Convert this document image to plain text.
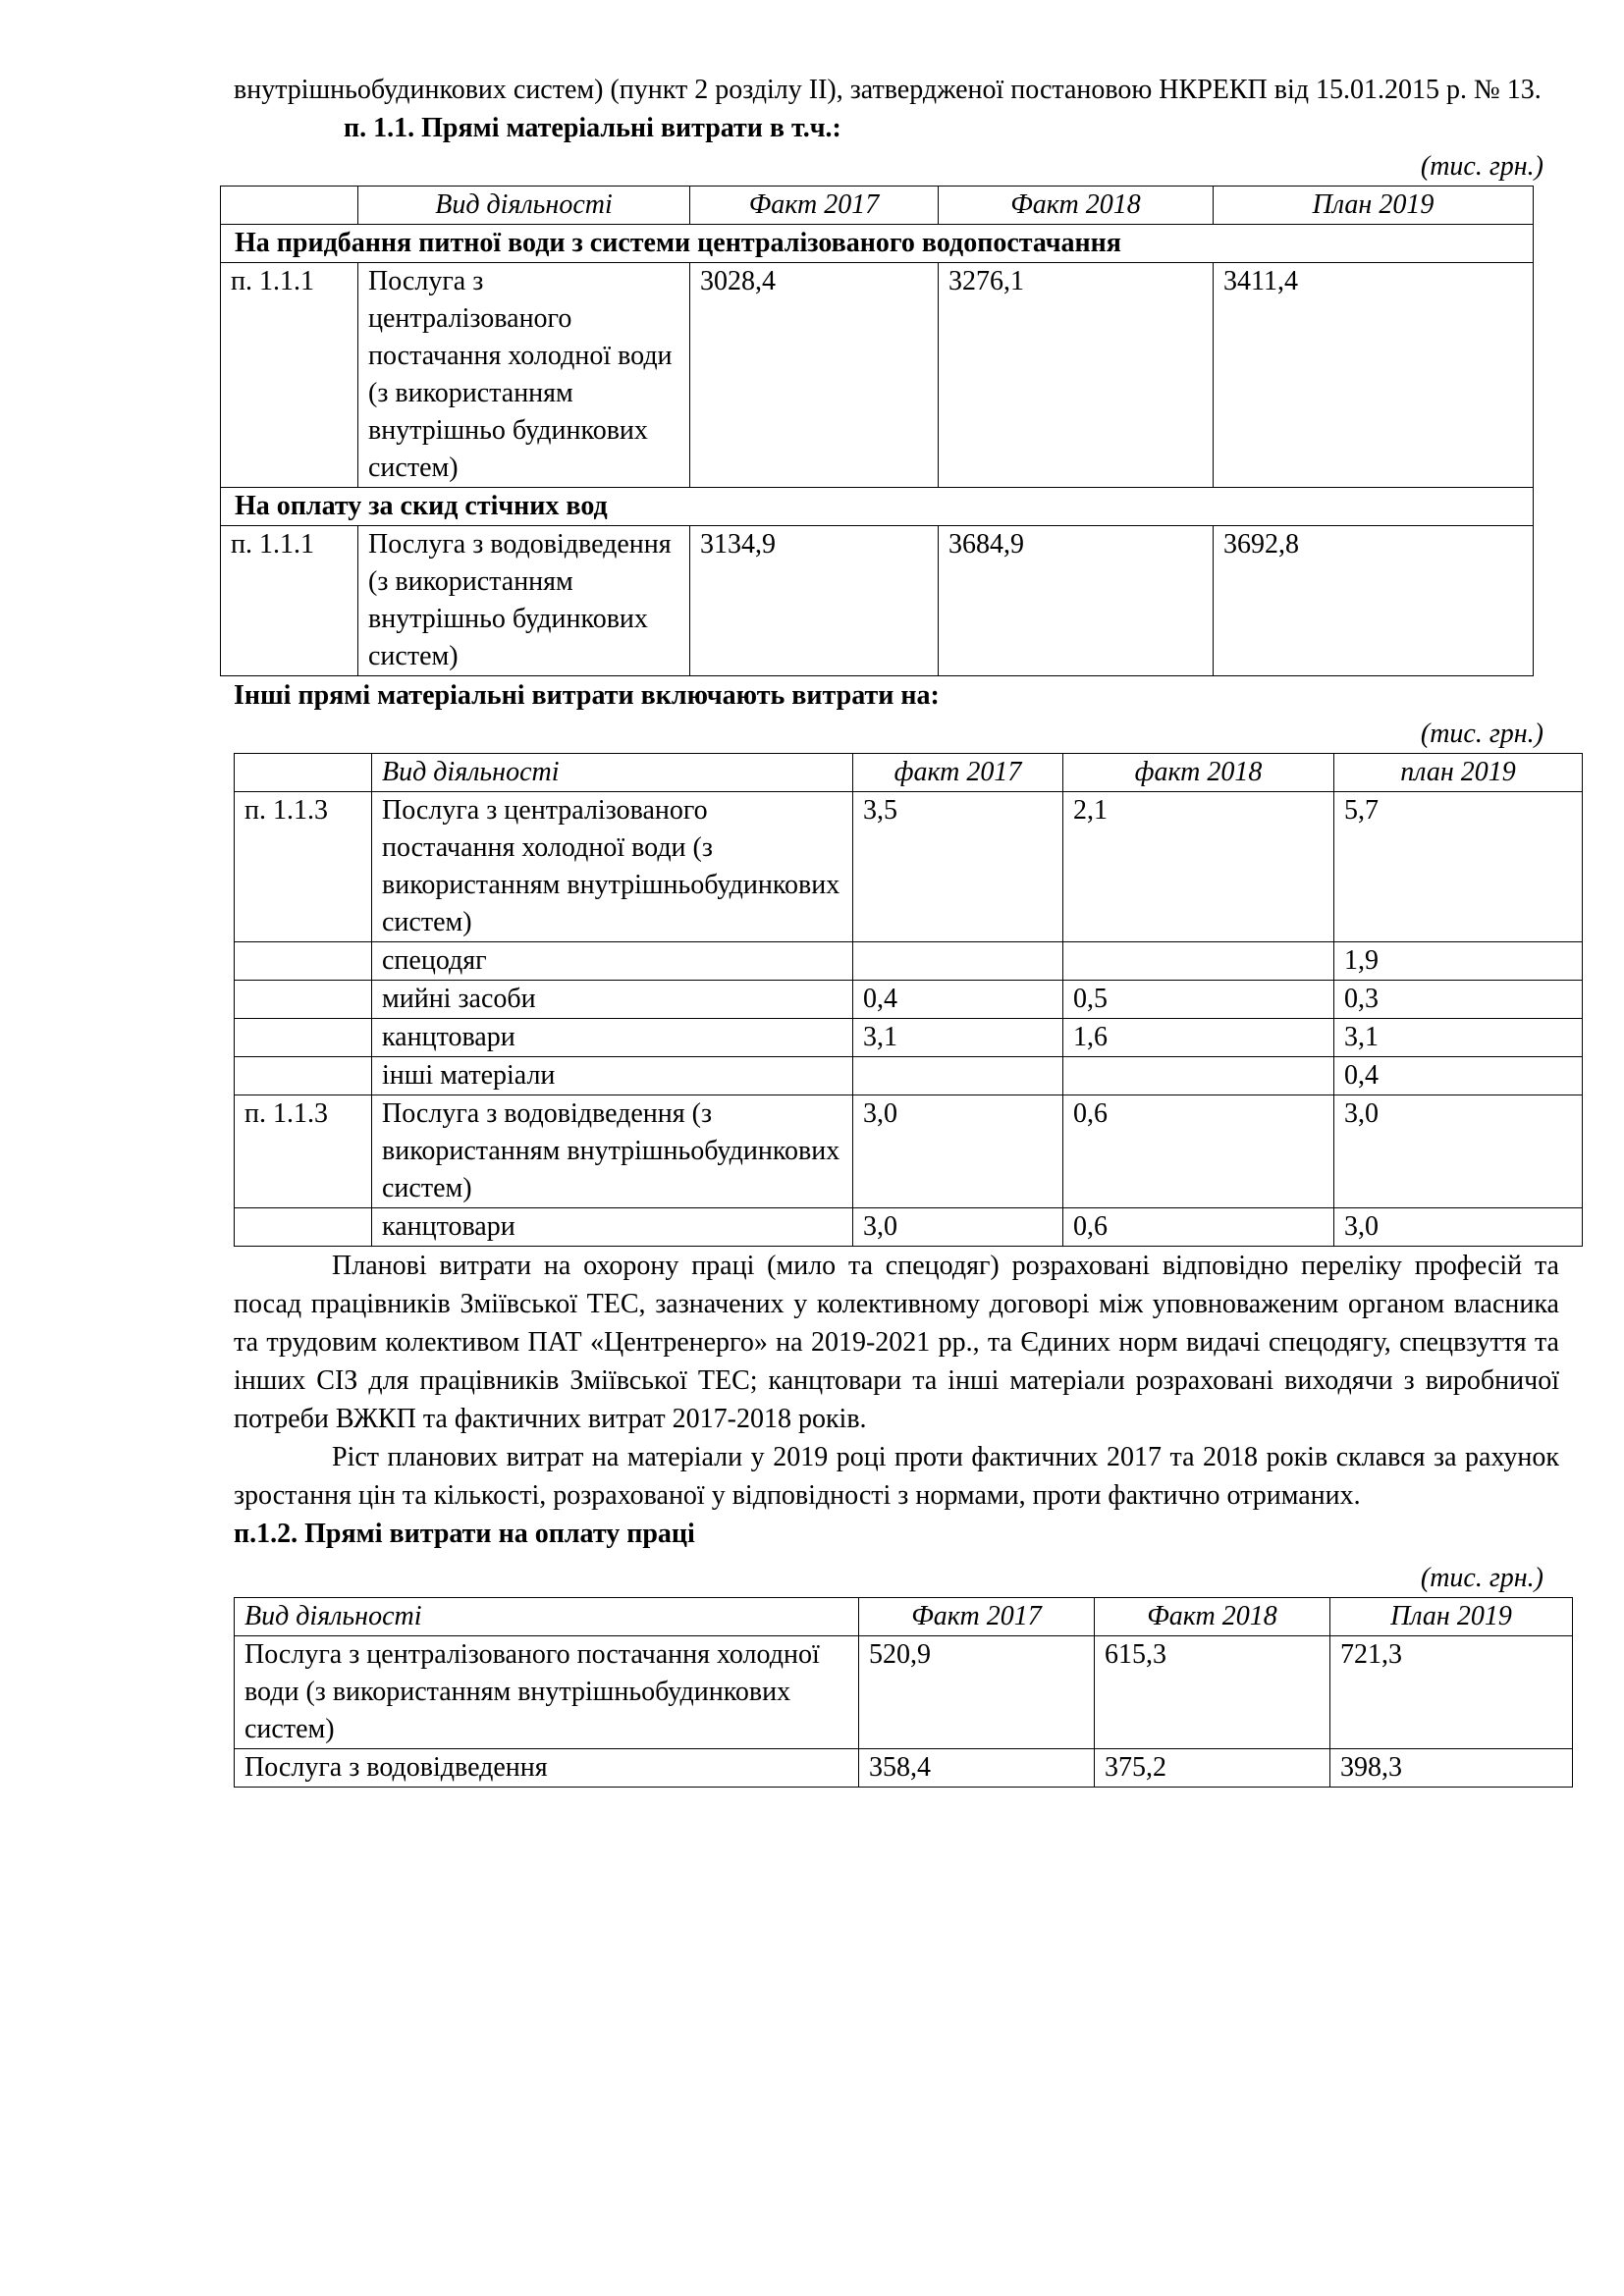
внутрішньобудинкових систем) (пункт 2 розділу ІІ), затвердженої постановою НКРЕКП від 15.01.2015 р. № 13.

п. 1.1. Прямі матеріальні витрати в т.ч.:

(тис. грн.)

	Вид діяльності	Факт 2017	Факт 2018	План 2019
На придбання питної води з системи централізованого водопостачання				
п. 1.1.1	Послуга з централізованого постачання холодної води (з використанням внутрішньо будинкових систем)	3028,4	3276,1	3411,4
На оплату за скид стічних вод				
п. 1.1.1	Послуга з водовідведення (з використанням внутрішньо будинкових систем)	3134,9	3684,9	3692,8

Інші прямі матеріальні витрати включають витрати на:

(тис. грн.)

	Вид діяльності	факт 2017	факт 2018	план 2019
п. 1.1.3	Послуга з централізованого постачання холодної води (з використанням внутрішньобудинкових систем)	3,5	2,1	5,7
	спецодяг			1,9
	мийні засоби	0,4	0,5	0,3
	канцтовари	3,1	1,6	3,1
	інші матеріали			0,4
п. 1.1.3	Послуга з водовідведення (з використанням внутрішньобудинкових систем)	3,0	0,6	3,0
	канцтовари	3,0	0,6	3,0

Планові витрати на охорону праці (мило та спецодяг) розраховані відповідно переліку професій та посад працівників Зміївської ТЕС, зазначених у колективному договорі між уповноваженим органом власника та трудовим колективом ПАТ «Центренерго» на 2019-2021 рр., та Єдиних норм видачі спецодягу, спецвзуття та інших СІЗ для працівників Зміївської ТЕС; канцтовари та інші матеріали розраховані виходячи з виробничої потреби ВЖКП та фактичних витрат 2017-2018 років.

Ріст планових витрат на матеріали у 2019 році проти фактичних 2017 та 2018 років склався за рахунок зростання цін та кількості, розрахованої у відповідності з нормами, проти фактично отриманих.

п.1.2. Прямі витрати на оплату праці

(тис. грн.)

Вид діяльності	Факт 2017	Факт 2018	План 2019
Послуга з централізованого постачання холодної води (з використанням внутрішньобудинкових систем)	520,9	615,3	721,3
Послуга з водовідведення	358,4	375,2	398,3
